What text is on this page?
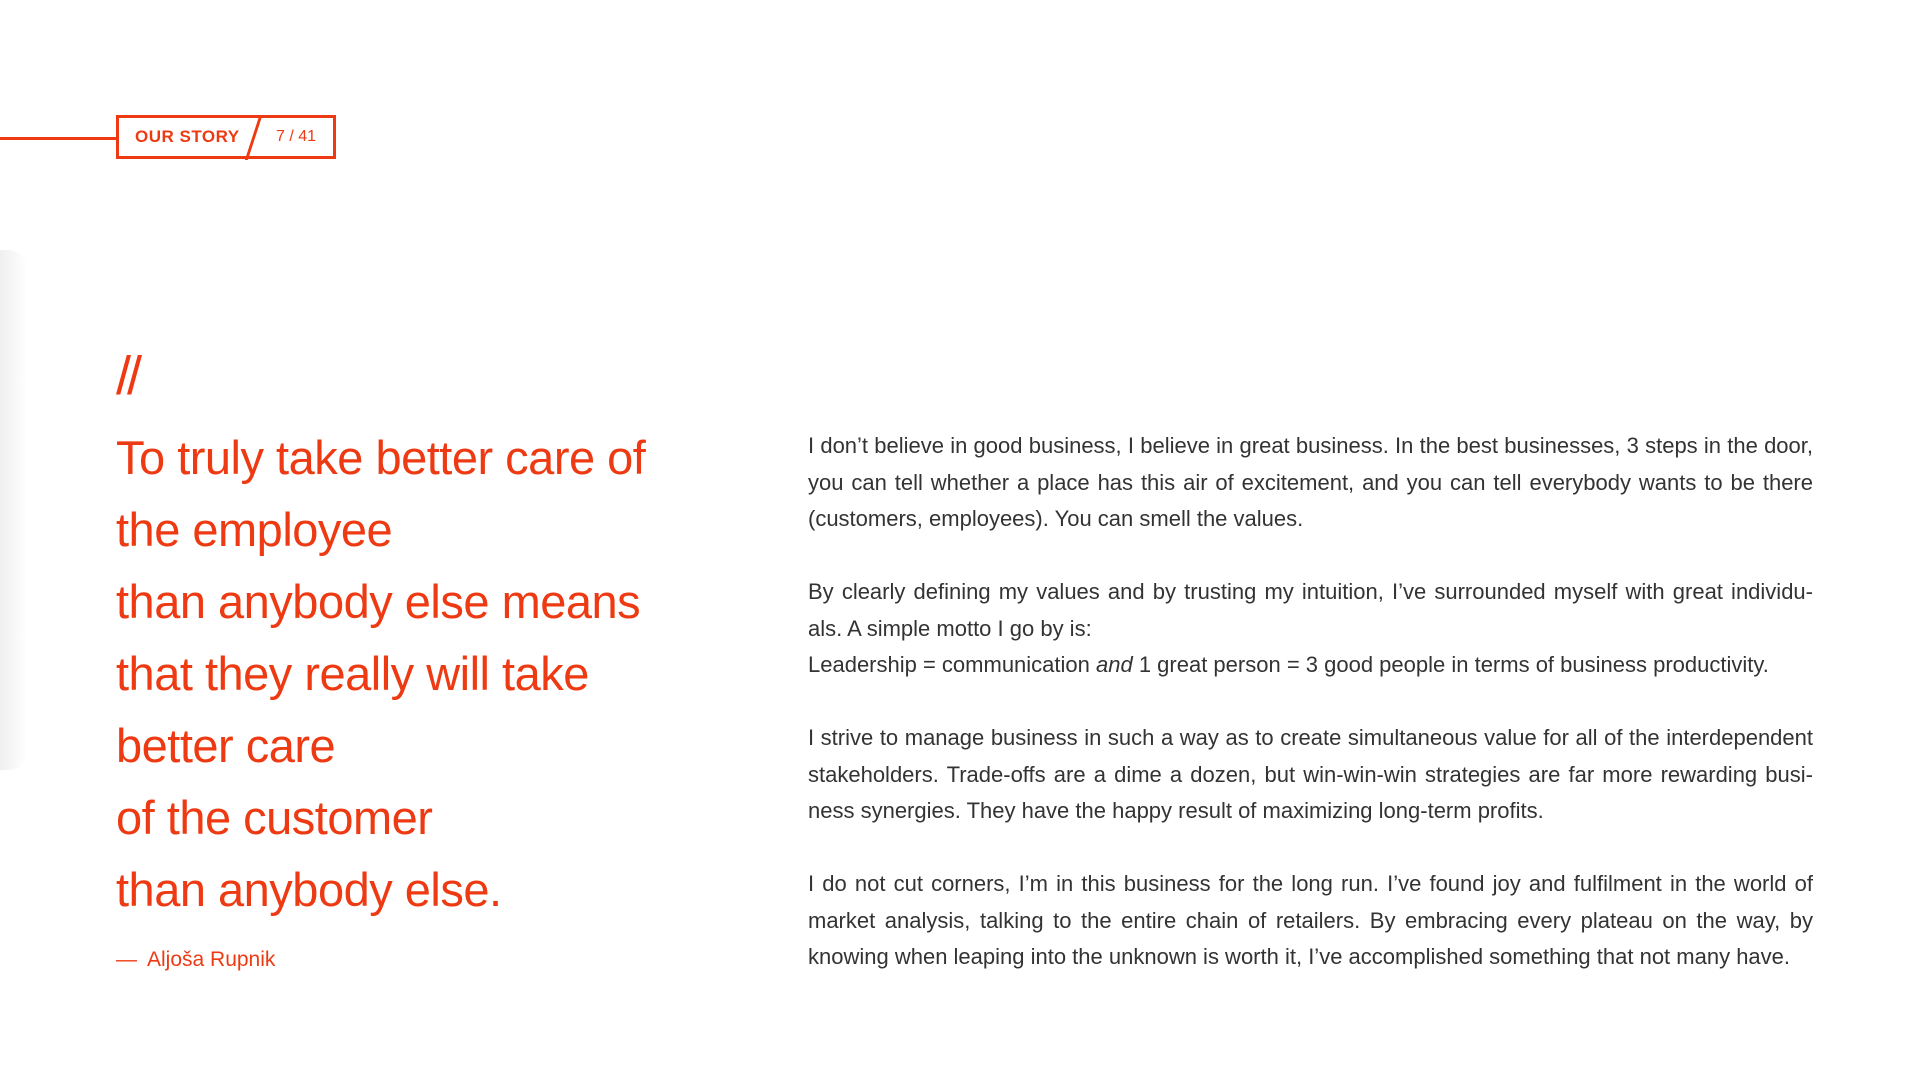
OUR STORY 7 / 41
//
To truly take better care of
the employee
than anybody else means
that they really will take
better care
of the customer
than anybody else.
— Aljoša Rupnik

I don’t believe in good business, I believe in great business. In the best businesses, 3 steps in the door, you can tell whether a place has this air of excitement, and you can tell everybody wants to be there (customers, employees). You can smell the values.

By clearly defining my values and by trusting my intuition, I’ve surrounded myself with great individu-als. A simple motto I go by is:
Leadership = communication and 1 great person = 3 good people in terms of business productivity.

I strive to manage business in such a way as to create simultaneous value for all of the interdependent stakeholders. Trade-offs are a dime a dozen, but win-win-win strategies are far more rewarding busi-ness synergies. They have the happy result of maximizing long-term profits.

I do not cut corners, I’m in this business for the long run. I’ve found joy and fulfilment in the world of market analysis, talking to the entire chain of retailers. By embracing every plateau on the way, by knowing when leaping into the unknown is worth it, I’ve accomplished something that not many have.
